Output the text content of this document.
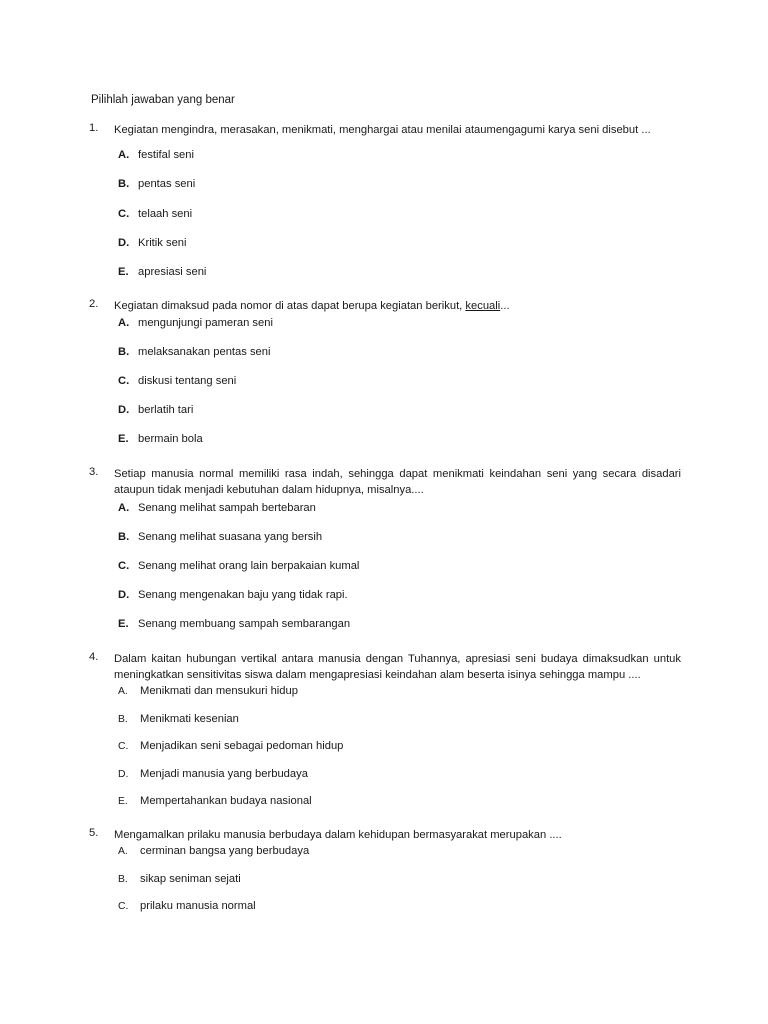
Pilihlah jawaban yang benar
1.	Kegiatan mengindra, merasakan, menikmati, menghargai atau menilai ataumengagumi karya seni disebut ...
A. festifal seni
B. pentas seni
C. telaah seni
D. Kritik seni
E. apresiasi seni
2.	Kegiatan dimaksud pada nomor di atas dapat berupa kegiatan berikut, kecuali...
A. mengunjungi pameran seni
B. melaksanakan pentas seni
C. diskusi tentang seni
D. berlatih tari
E. bermain bola
3.	Setiap manusia normal memiliki rasa indah, sehingga dapat menikmati keindahan seni yang secara disadari ataupun tidak menjadi kebutuhan dalam hidupnya, misalnya....
A. Senang melihat sampah bertebaran
B. Senang melihat suasana yang bersih
C. Senang melihat orang lain berpakaian kumal
D. Senang mengenakan baju yang tidak rapi.
E. Senang membuang sampah sembarangan
4.	Dalam kaitan hubungan vertikal antara manusia dengan Tuhannya, apresiasi seni budaya dimaksudkan untuk meningkatkan sensitivitas siswa dalam mengapresiasi keindahan alam beserta isinya sehingga mampu ....
A. Menikmati dan mensukuri hidup
B. Menikmati kesenian
C. Menjadikan seni sebagai pedoman hidup
D. Menjadi manusia yang berbudaya
E. Mempertahankan budaya nasional
5.	Mengamalkan prilaku manusia berbudaya dalam kehidupan bermasyarakat merupakan ....
A. cerminan bangsa yang berbudaya
B. sikap seniman sejati
C. prilaku manusia normal
